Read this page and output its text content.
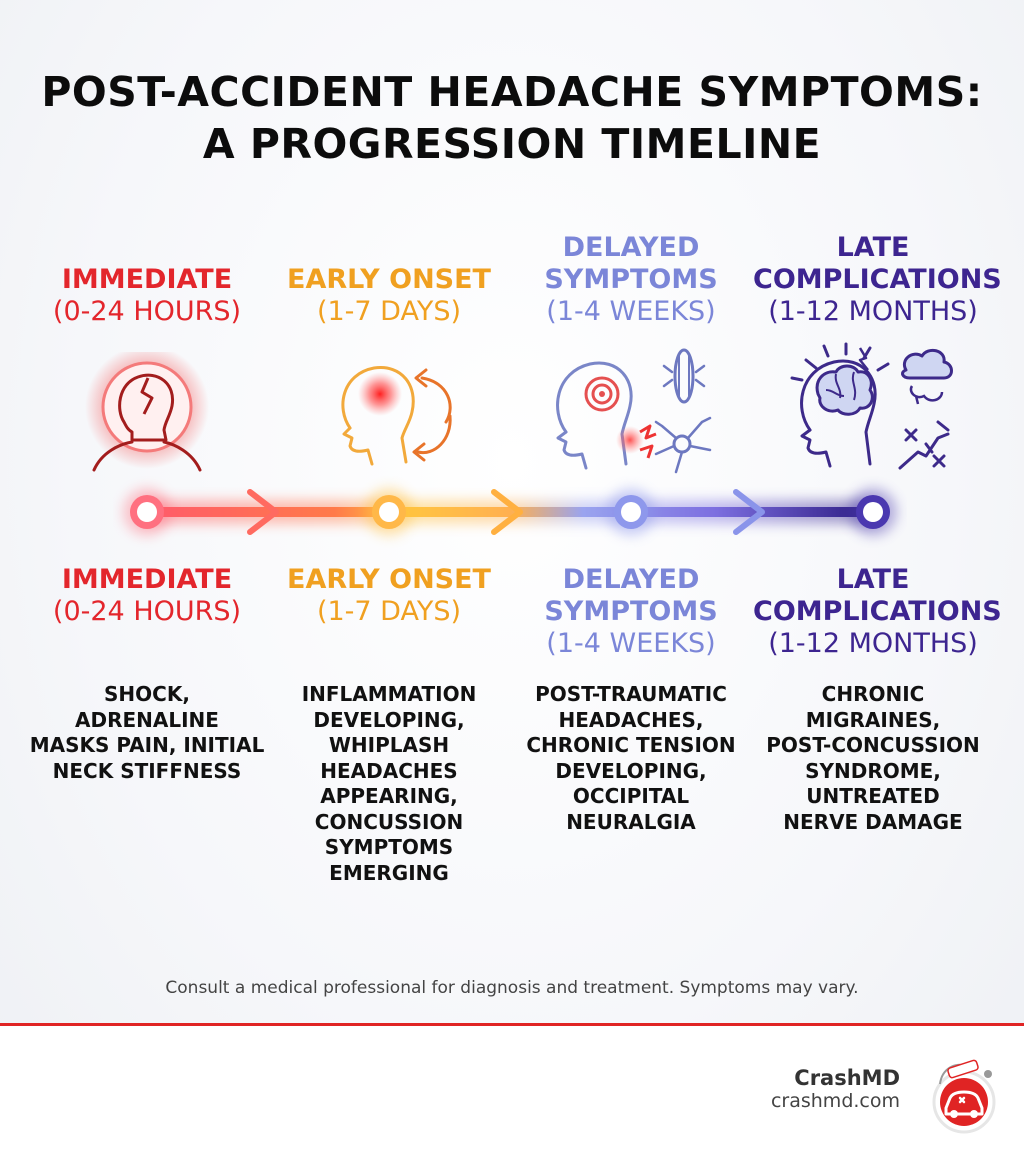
POST-ACCIDENT HEADACHE SYMPTOMS:
A PROGRESSION TIMELINE
IMMEDIATE
(0-24 HOURS)
EARLY ONSET
(1-7 DAYS)
DELAYED
SYMPTOMS
(1-4 WEEKS)
LATE
COMPLICATIONS
(1-12 MONTHS)
IMMEDIATE
(0-24 HOURS)
EARLY ONSET
(1-7 DAYS)
DELAYED
SYMPTOMS
(1-4 WEEKS)
LATE
COMPLICATIONS
(1-12 MONTHS)
SHOCK,
ADRENALINE
MASKS PAIN, INITIAL
NECK STIFFNESS
INFLAMMATION
DEVELOPING,
WHIPLASH
HEADACHES
APPEARING,
CONCUSSION
SYMPTOMS
EMERGING
POST-TRAUMATIC
HEADACHES,
CHRONIC TENSION
DEVELOPING,
OCCIPITAL
NEURALGIA
CHRONIC
MIGRAINES,
POST-CONCUSSION
SYNDROME,
UNTREATED
NERVE DAMAGE
Consult a medical professional for diagnosis and treatment. Symptoms may vary.
CrashMD
crashmd.com
